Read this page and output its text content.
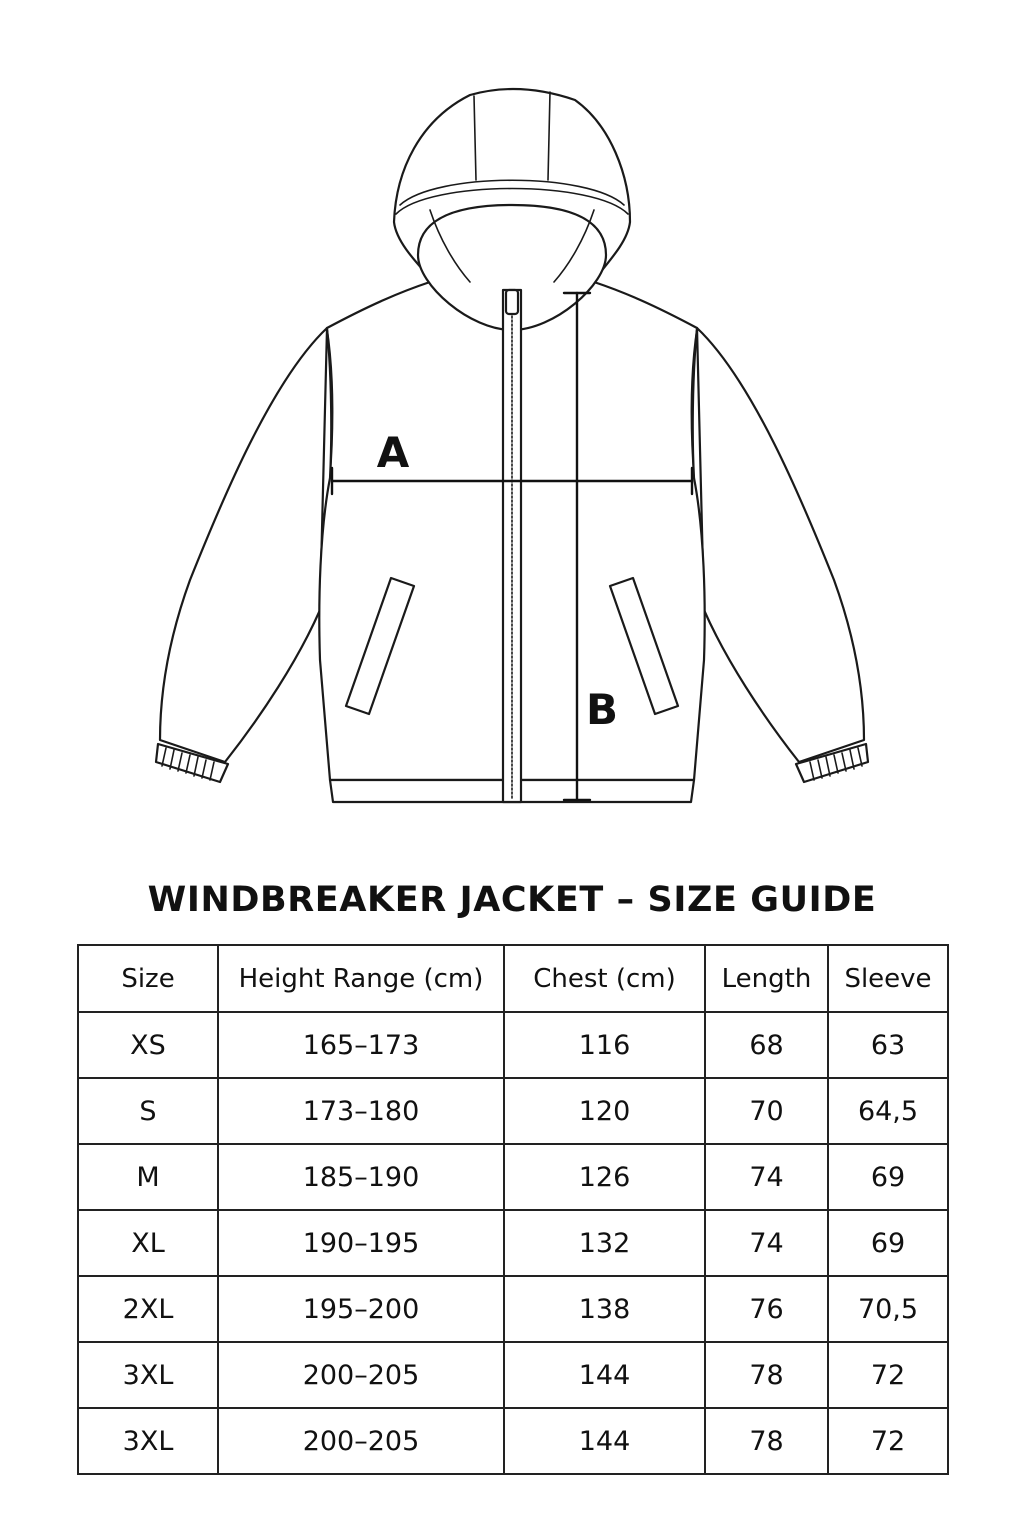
A
B
WINDBREAKER JACKET – SIZE GUIDE
Size	Height Range (cm)	Chest (cm)	Length	Sleeve
XS	165–173	116	68	63
S	173–180	120	70	64,5
M	185–190	126	74	69
XL	190–195	132	74	69
2XL	195–200	138	76	70,5
3XL	200–205	144	78	72
3XL	200–205	144	78	72
